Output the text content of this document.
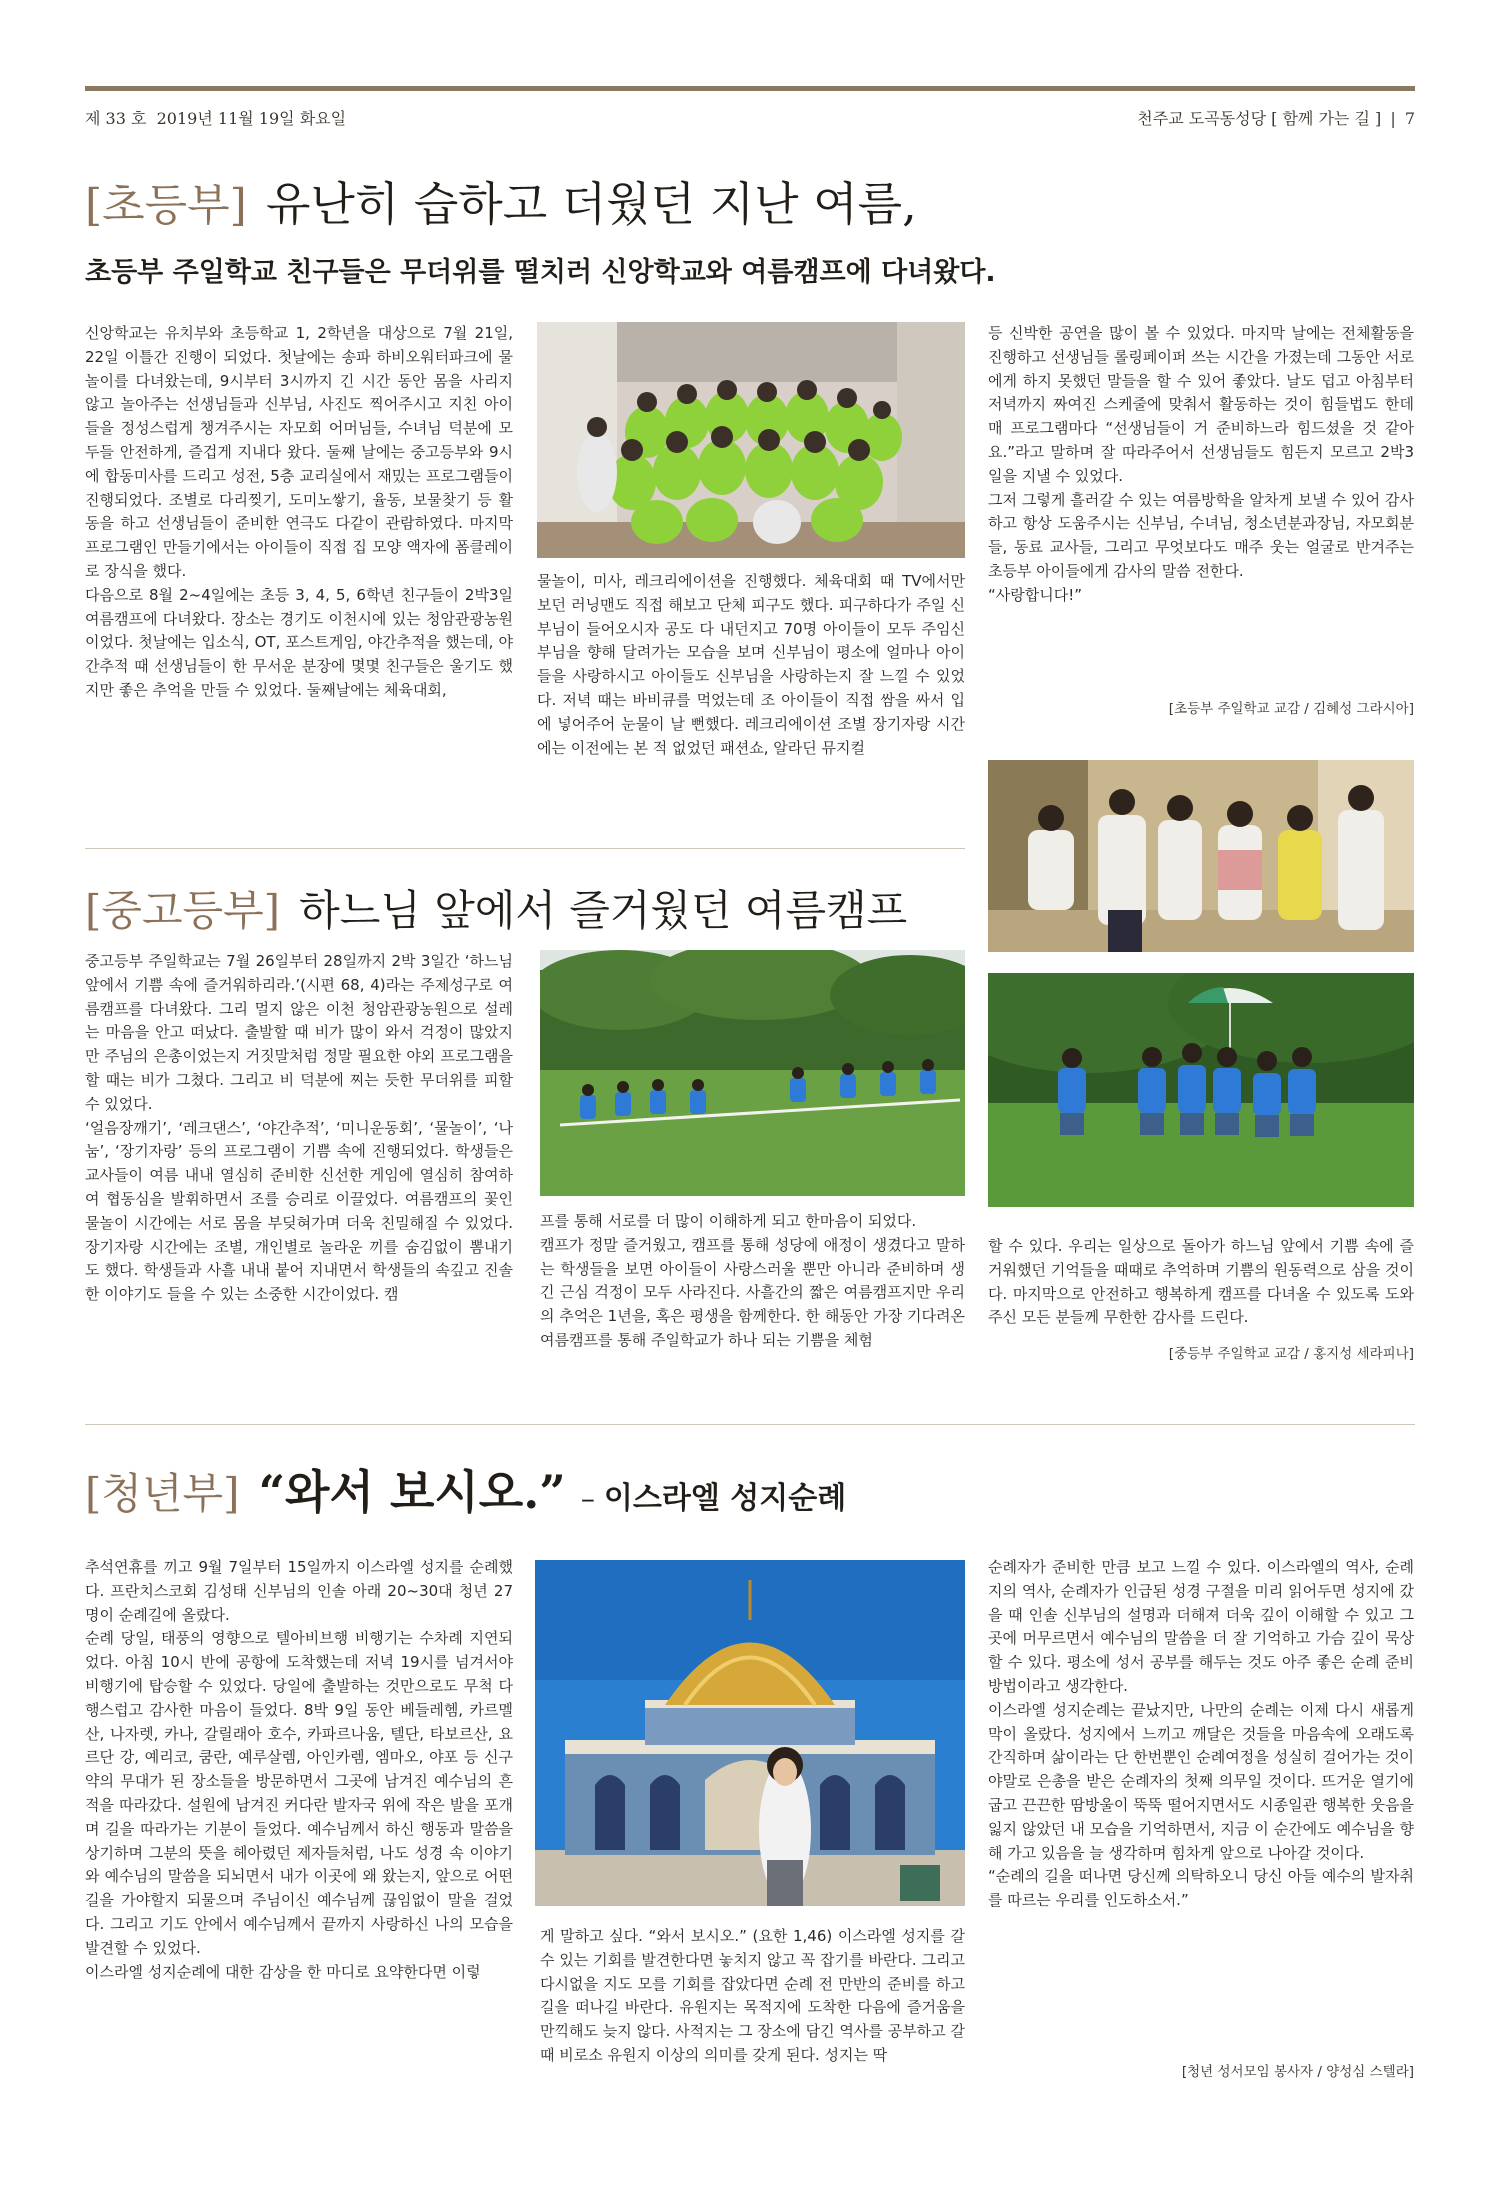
제 33 호 2019년 11월 19일 화요일	천주교 도곡동성당 [ 함께 가는 길 ] | 7
[초등부] 유난히 습하고 더웠던 지난 여름,
초등부 주일학교 친구들은 무더위를 떨치러 신앙학교와 여름캠프에 다녀왔다.

신앙학교는 유치부와 초등학교 1, 2학년을 대상으로 7월 21일, 22일 이틀간 진행이 되었다. 첫날에는 송파 하비오워터파크에 물놀이를 다녀왔는데, 9시부터 3시까지 긴 시간 동안 몸을 사리지 않고 놀아주는 선생님들과 신부님, 사진도 찍어주시고 지친 아이들을 정성스럽게 챙겨주시는 자모회 어머님들, 수녀님 덕분에 모두들 안전하게, 즐겁게 지내다 왔다. 둘째 날에는 중고등부와 9시에 합동미사를 드리고 성전, 5층 교리실에서 재밌는 프로그램들이 진행되었다. 조별로 다리찢기, 도미노쌓기, 율동, 보물찾기 등 활동을 하고 선생님들이 준비한 연극도 다같이 관람하였다. 마지막 프로그램인 만들기에서는 아이들이 직접 집 모양 액자에 폼클레이로 장식을 했다.

다음으로 8월 2~4일에는 초등 3, 4, 5, 6학년 친구들이 2박3일 여름캠프에 다녀왔다. 장소는 경기도 이천시에 있는 청암관광농원이었다. 첫날에는 입소식, OT, 포스트게임, 야간추적을 했는데, 야간추적 때 선생님들이 한 무서운 분장에 몇몇 친구들은 울기도 했지만 좋은 추억을 만들 수 있었다. 둘째날에는 체육대회,

물놀이, 미사, 레크리에이션을 진행했다. 체육대회 때 TV에서만 보던 러닝맨도 직접 해보고 단체 피구도 했다. 피구하다가 주일 신부님이 들어오시자 공도 다 내던지고 70명 아이들이 모두 주임신부님을 향해 달려가는 모습을 보며 신부님이 평소에 얼마나 아이들을 사랑하시고 아이들도 신부님을 사랑하는지 잘 느낄 수 있었다. 저녁 때는 바비큐를 먹었는데 조 아이들이 직접 쌈을 싸서 입에 넣어주어 눈물이 날 뻔했다. 레크리에이션 조별 장기자랑 시간에는 이전에는 본 적 없었던 패션쇼, 알라딘 뮤지컬

등 신박한 공연을 많이 볼 수 있었다. 마지막 날에는 전체활동을 진행하고 선생님들 롤링페이퍼 쓰는 시간을 가졌는데 그동안 서로에게 하지 못했던 말들을 할 수 있어 좋았다. 날도 덥고 아침부터 저녁까지 짜여진 스케줄에 맞춰서 활동하는 것이 힘들법도 한데 매 프로그램마다 “선생님들이 거 준비하느라 힘드셨을 것 같아요.”라고 말하며 잘 따라주어서 선생님들도 힘든지 모르고 2박3일을 지낼 수 있었다.

그저 그렇게 흘러갈 수 있는 여름방학을 알차게 보낼 수 있어 감사하고 항상 도움주시는 신부님, 수녀님, 청소년분과장님, 자모회분들, 동료 교사들, 그리고 무엇보다도 매주 웃는 얼굴로 반겨주는 초등부 아이들에게 감사의 말씀 전한다.

“사랑합니다!”

[초등부 주일학교 교감 / 김혜성 그라시아]
[중고등부] 하느님 앞에서 즐거웠던 여름캠프

중고등부 주일학교는 7월 26일부터 28일까지 2박 3일간 ‘하느님 앞에서 기쁨 속에 즐거워하리라.’(시편 68, 4)라는 주제성구로 여름캠프를 다녀왔다. 그리 멀지 않은 이천 청암관광농원으로 설레는 마음을 안고 떠났다. 출발할 때 비가 많이 와서 걱정이 많았지만 주님의 은총이었는지 거짓말처럼 정말 필요한 야외 프로그램을 할 때는 비가 그쳤다. 그리고 비 덕분에 찌는 듯한 무더위를 피할 수 있었다.

‘얼음장깨기’, ‘레크댄스’, ‘야간추적’, ‘미니운동회’, ‘물놀이’, ‘나눔’, ‘장기자랑’ 등의 프로그램이 기쁨 속에 진행되었다. 학생들은 교사들이 여름 내내 열심히 준비한 신선한 게임에 열심히 참여하여 협동심을 발휘하면서 조를 승리로 이끌었다. 여름캠프의 꽃인 물놀이 시간에는 서로 몸을 부딪혀가며 더욱 친밀해질 수 있었다. 장기자랑 시간에는 조별, 개인별로 놀라운 끼를 숨김없이 뽐내기도 했다. 학생들과 사흘 내내 붙어 지내면서 학생들의 속깊고 진솔한 이야기도 들을 수 있는 소중한 시간이었다. 캠

프를 통해 서로를 더 많이 이해하게 되고 한마음이 되었다.

캠프가 정말 즐거웠고, 캠프를 통해 성당에 애정이 생겼다고 말하는 학생들을 보면 아이들이 사랑스러울 뿐만 아니라 준비하며 생긴 근심 걱정이 모두 사라진다. 사흘간의 짧은 여름캠프지만 우리의 추억은 1년을, 혹은 평생을 함께한다. 한 해동안 가장 기다려온 여름캠프를 통해 주일학교가 하나 되는 기쁨을 체험

할 수 있다. 우리는 일상으로 돌아가 하느님 앞에서 기쁨 속에 즐거워했던 기억들을 때때로 추억하며 기쁨의 원동력으로 삼을 것이다. 마지막으로 안전하고 행복하게 캠프를 다녀올 수 있도록 도와주신 모든 분들께 무한한 감사를 드린다.

[중등부 주일학교 교감 / 홍지성 세라피나]
[청년부] “와서 보시오.” – 이스라엘 성지순례

추석연휴를 끼고 9월 7일부터 15일까지 이스라엘 성지를 순례했다. 프란치스코회 김성태 신부님의 인솔 아래 20~30대 청년 27명이 순례길에 올랐다.

순례 당일, 태풍의 영향으로 텔아비브행 비행기는 수차례 지연되었다. 아침 10시 반에 공항에 도착했는데 저녁 19시를 넘겨서야 비행기에 탑승할 수 있었다. 당일에 출발하는 것만으로도 무척 다행스럽고 감사한 마음이 들었다. 8박 9일 동안 베들레헴, 카르멜 산, 나자렛, 카나, 갈릴래아 호수, 카파르나움, 텔단, 타보르산, 요르단 강, 예리코, 쿰란, 예루살렘, 아인카렘, 엠마오, 야포 등 신구약의 무대가 된 장소들을 방문하면서 그곳에 남겨진 예수님의 흔적을 따라갔다. 설원에 남겨진 커다란 발자국 위에 작은 발을 포개며 길을 따라가는 기분이 들었다. 예수님께서 하신 행동과 말씀을 상기하며 그분의 뜻을 헤아렸던 제자들처럼, 나도 성경 속 이야기와 예수님의 말씀을 되뇌면서 내가 이곳에 왜 왔는지, 앞으로 어떤 길을 가야할지 되물으며 주님이신 예수님께 끊임없이 말을 걸었다. 그리고 기도 안에서 예수님께서 끝까지 사랑하신 나의 모습을 발견할 수 있었다.

이스라엘 성지순례에 대한 감상을 한 마디로 요약한다면 이렇

게 말하고 싶다. “와서 보시오.” (요한 1,46) 이스라엘 성지를 갈 수 있는 기회를 발견한다면 놓치지 않고 꼭 잡기를 바란다. 그리고 다시없을 지도 모를 기회를 잡았다면 순례 전 만반의 준비를 하고 길을 떠나길 바란다. 유원지는 목적지에 도착한 다음에 즐거움을 만끽해도 늦지 않다. 사적지는 그 장소에 담긴 역사를 공부하고 갈 때 비로소 유원지 이상의 의미를 갖게 된다. 성지는 딱

순례자가 준비한 만큼 보고 느낄 수 있다. 이스라엘의 역사, 순례지의 역사, 순례자가 인급된 성경 구절을 미리 읽어두면 성지에 갔을 때 인솔 신부님의 설명과 더해져 더욱 깊이 이해할 수 있고 그곳에 머무르면서 예수님의 말씀을 더 잘 기억하고 가슴 깊이 묵상할 수 있다. 평소에 성서 공부를 해두는 것도 아주 좋은 순례 준비방법이라고 생각한다.

이스라엘 성지순례는 끝났지만, 나만의 순례는 이제 다시 새롭게 막이 올랐다. 성지에서 느끼고 깨달은 것들을 마음속에 오래도록 간직하며 삶이라는 단 한번뿐인 순례여정을 성실히 걸어가는 것이야말로 은총을 받은 순례자의 첫째 의무일 것이다. 뜨거운 열기에 굽고 끈끈한 땀방울이 뚝뚝 떨어지면서도 시종일관 행복한 웃음을 잃지 않았던 내 모습을 기억하면서, 지금 이 순간에도 예수님을 향해 가고 있음을 늘 생각하며 힘차게 앞으로 나아갈 것이다.

“순례의 길을 떠나면 당신께 의탁하오니 당신 아들 예수의 발자취를 따르는 우리를 인도하소서.”

[청년 성서모임 봉사자 / 양성심 스텔라]
